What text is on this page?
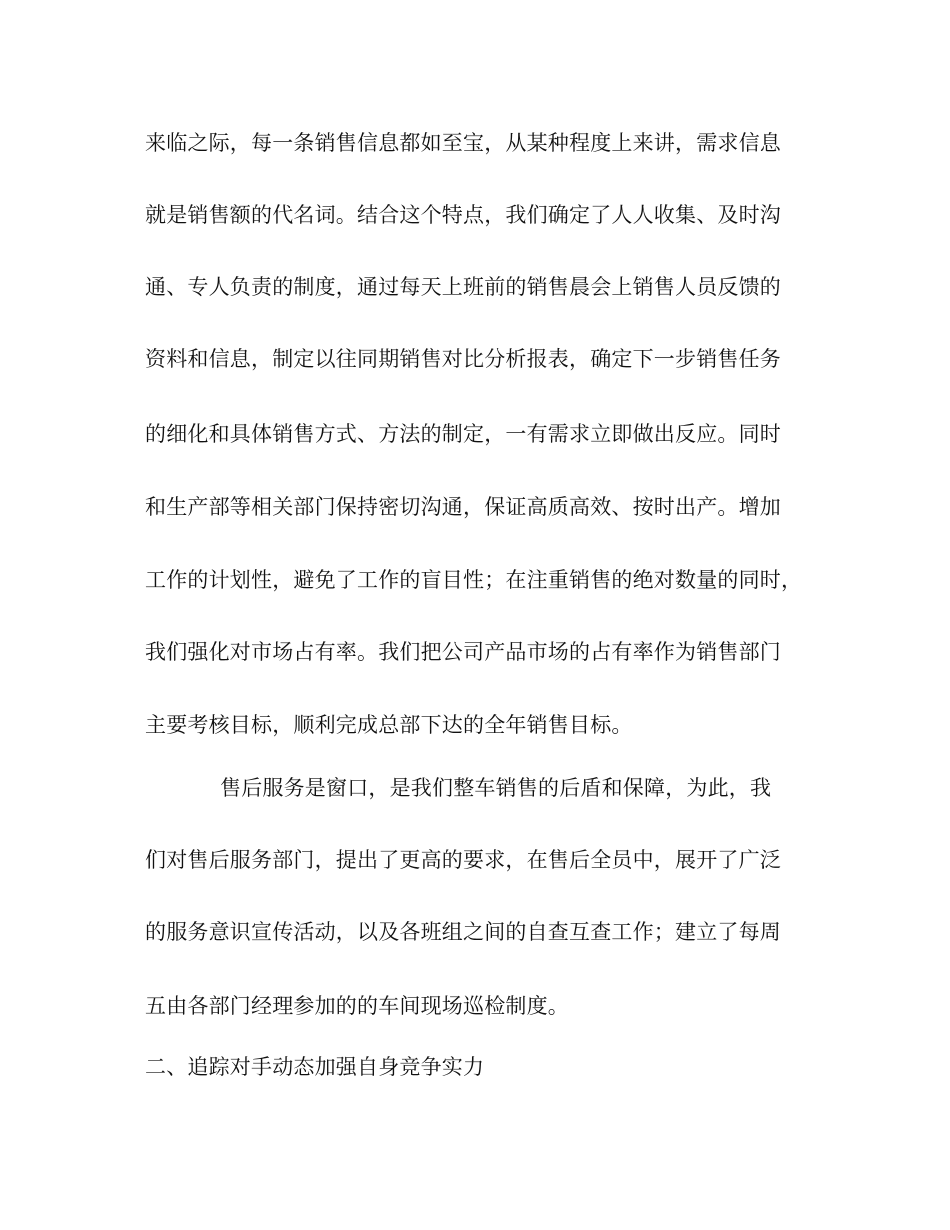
来临之际，每一条销售信息都如至宝，从某种程度上来讲，需求信息
就是销售额的代名词。结合这个特点，我们确定了人人收集、及时沟
通、专人负责的制度，通过每天上班前的销售晨会上销售人员反馈的
资料和信息，制定以往同期销售对比分析报表，确定下一步销售任务
的细化和具体销售方式、方法的制定，一有需求立即做出反应。同时
和生产部等相关部门保持密切沟通，保证高质高效、按时出产。增加
工作的计划性，避免了工作的盲目性；在注重销售的绝对数量的同时，
我们强化对市场占有率。我们把公司产品市场的占有率作为销售部门
主要考核目标，顺利完成总部下达的全年销售目标。
售后服务是窗口，是我们整车销售的后盾和保障，为此，我
们对售后服务部门，提出了更高的要求，在售后全员中，展开了广泛
的服务意识宣传活动，以及各班组之间的自查互查工作；建立了每周
五由各部门经理参加的的车间现场巡检制度。
二、追踪对手动态加强自身竞争实力
